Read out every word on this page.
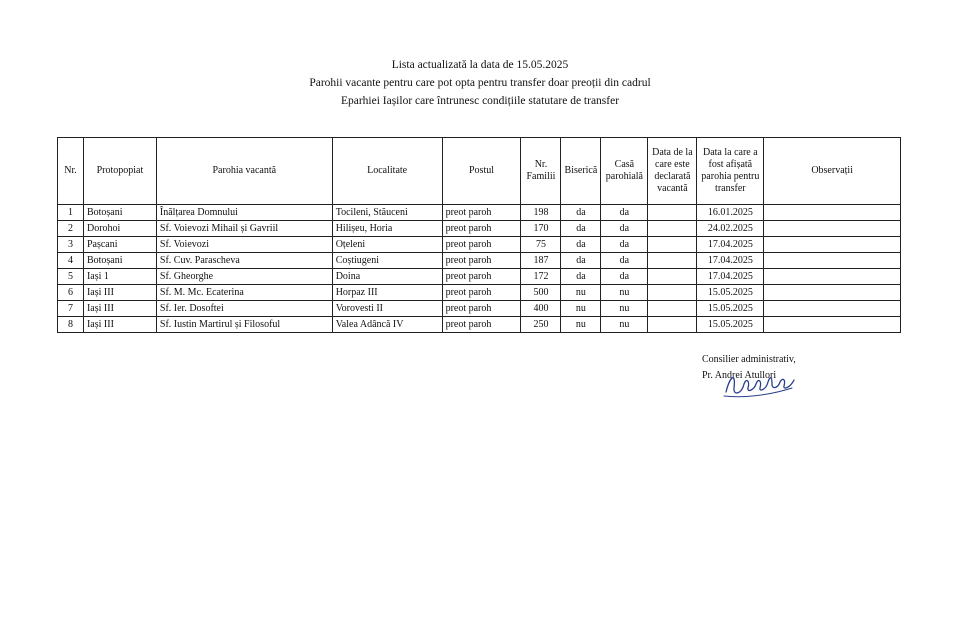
Lista actualizată la data de 15.05.2025
Parohii vacante pentru care pot opta pentru transfer doar preoții din cadrul
Eparhiei Iașilor care întrunesc condițiile statutare de transfer
Nr.	Protopopiat	Parohia vacantă	Localitate	Postul	Nr. Familii	Biserică	Casă parohială	Data de la care este declarată vacantă	Data la care a fost afișată parohia pentru transfer	Observații
1	Botoșani	Înălțarea Domnului	Tocileni, Stăuceni	preot paroh	198	da	da		16.01.2025	
2	Dorohoi	Sf. Voievozi Mihail și Gavriil	Hilișeu, Horia	preot paroh	170	da	da		24.02.2025	
3	Pașcani	Sf. Voievozi	Oțeleni	preot paroh	75	da	da		17.04.2025	
4	Botoșani	Sf. Cuv. Parascheva	Coștiugeni	preot paroh	187	da	da		17.04.2025	
5	Iași 1	Sf. Gheorghe	Doina	preot paroh	172	da	da		17.04.2025	
6	Iași III	Sf. M. Mc. Ecaterina	Horpaz III	preot paroh	500	nu	nu		15.05.2025	
7	Iași III	Sf. Ier. Dosoftei	Vorovesti II	preot paroh	400	nu	nu		15.05.2025	
8	Iași III	Sf. Iustin Martirul și Filosoful	Valea Adâncă IV	preot paroh	250	nu	nu		15.05.2025	
Consilier administrativ,
Pr. Andrei Atullori
